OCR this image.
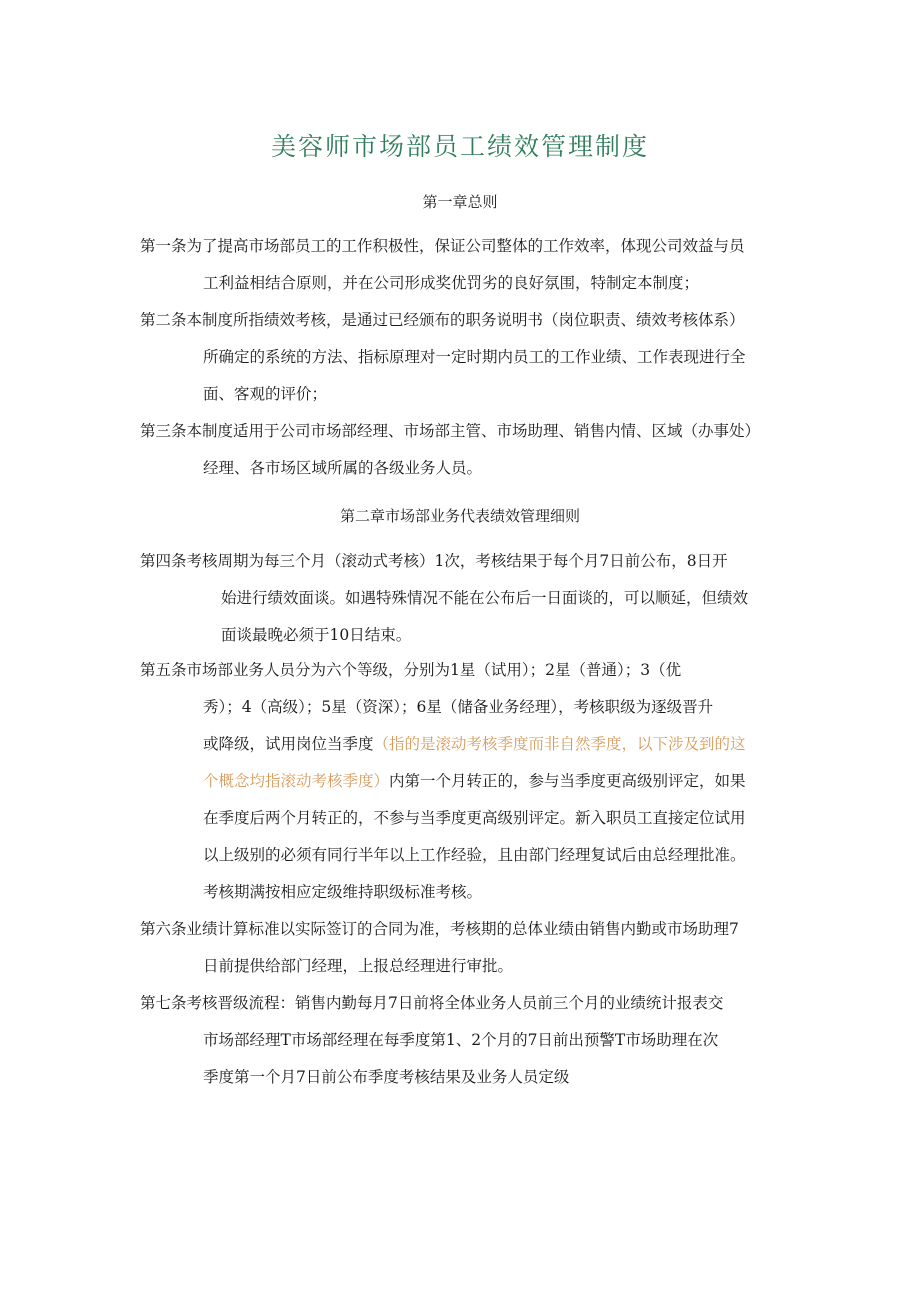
美容师市场部员工绩效管理制度
第一章总则
第一条为了提高市场部员工的工作积极性，保证公司整体的工作效率，体现公司效益与员
工利益相结合原则，并在公司形成奖优罚劣的良好氛围，特制定本制度；
第二条本制度所指绩效考核，是通过已经颁布的职务说明书（岗位职责、绩效考核体系）
所确定的系统的方法、指标原理对一定时期内员工的工作业绩、工作表现进行全
面、客观的评价；
第三条本制度适用于公司市场部经理、市场部主管、市场助理、销售内情、区域（办事处）
经理、各市场区域所属的各级业务人员。
第二章市场部业务代表绩效管理细则
第四条考核周期为每三个月（滚动式考核）1次，考核结果于每个月7日前公布，8日开
始进行绩效面谈。如遇特殊情况不能在公布后一日面谈的，可以顺延，但绩效
面谈最晚必须于10日结束。
第五条市场部业务人员分为六个等级，分别为1星（试用）；2星（普通）；3（优
秀）；4（高级）；5星（资深）；6星（储备业务经理），考核职级为逐级晋升
或降级，试用岗位当季度（指的是滚动考核季度而非自然季度，以下涉及到的这
个概念均指滚动考核季度）内第一个月转正的，参与当季度更高级别评定，如果
在季度后两个月转正的，不参与当季度更高级别评定。新入职员工直接定位试用
以上级别的必须有同行半年以上工作经验，且由部门经理复试后由总经理批准。
考核期满按相应定级维持职级标准考核。
第六条业绩计算标准以实际签订的合同为准，考核期的总体业绩由销售内勤或市场助理7
日前提供给部门经理，上报总经理进行审批。
第七条考核晋级流程：销售内勤每月7日前将全体业务人员前三个月的业绩统计报表交
市场部经理T市场部经理在每季度第1、2个月的7日前出预警T市场助理在次
季度第一个月7日前公布季度考核结果及业务人员定级
